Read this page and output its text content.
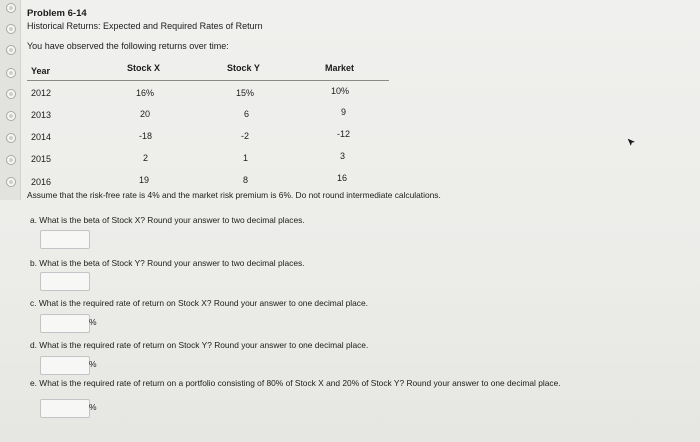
Problem 6-14
Historical Returns: Expected and Required Rates of Return
You have observed the following returns over time:
Year	Stock X	Stock Y	Market
2012	16%	15%	10%
2013	20	6	9
2014	-18	-2	-12
2015	2	1	3
2016	19	8	16
Assume that the risk-free rate is 4% and the market risk premium is 6%. Do not round intermediate calculations.
a. What is the beta of Stock X? Round your answer to two decimal places.
b. What is the beta of Stock Y? Round your answer to two decimal places.
c. What is the required rate of return on Stock X? Round your answer to one decimal place.
%
d. What is the required rate of return on Stock Y? Round your answer to one decimal place.
%
e. What is the required rate of return on a portfolio consisting of 80% of Stock X and 20% of Stock Y? Round your answer to one decimal place.
%
